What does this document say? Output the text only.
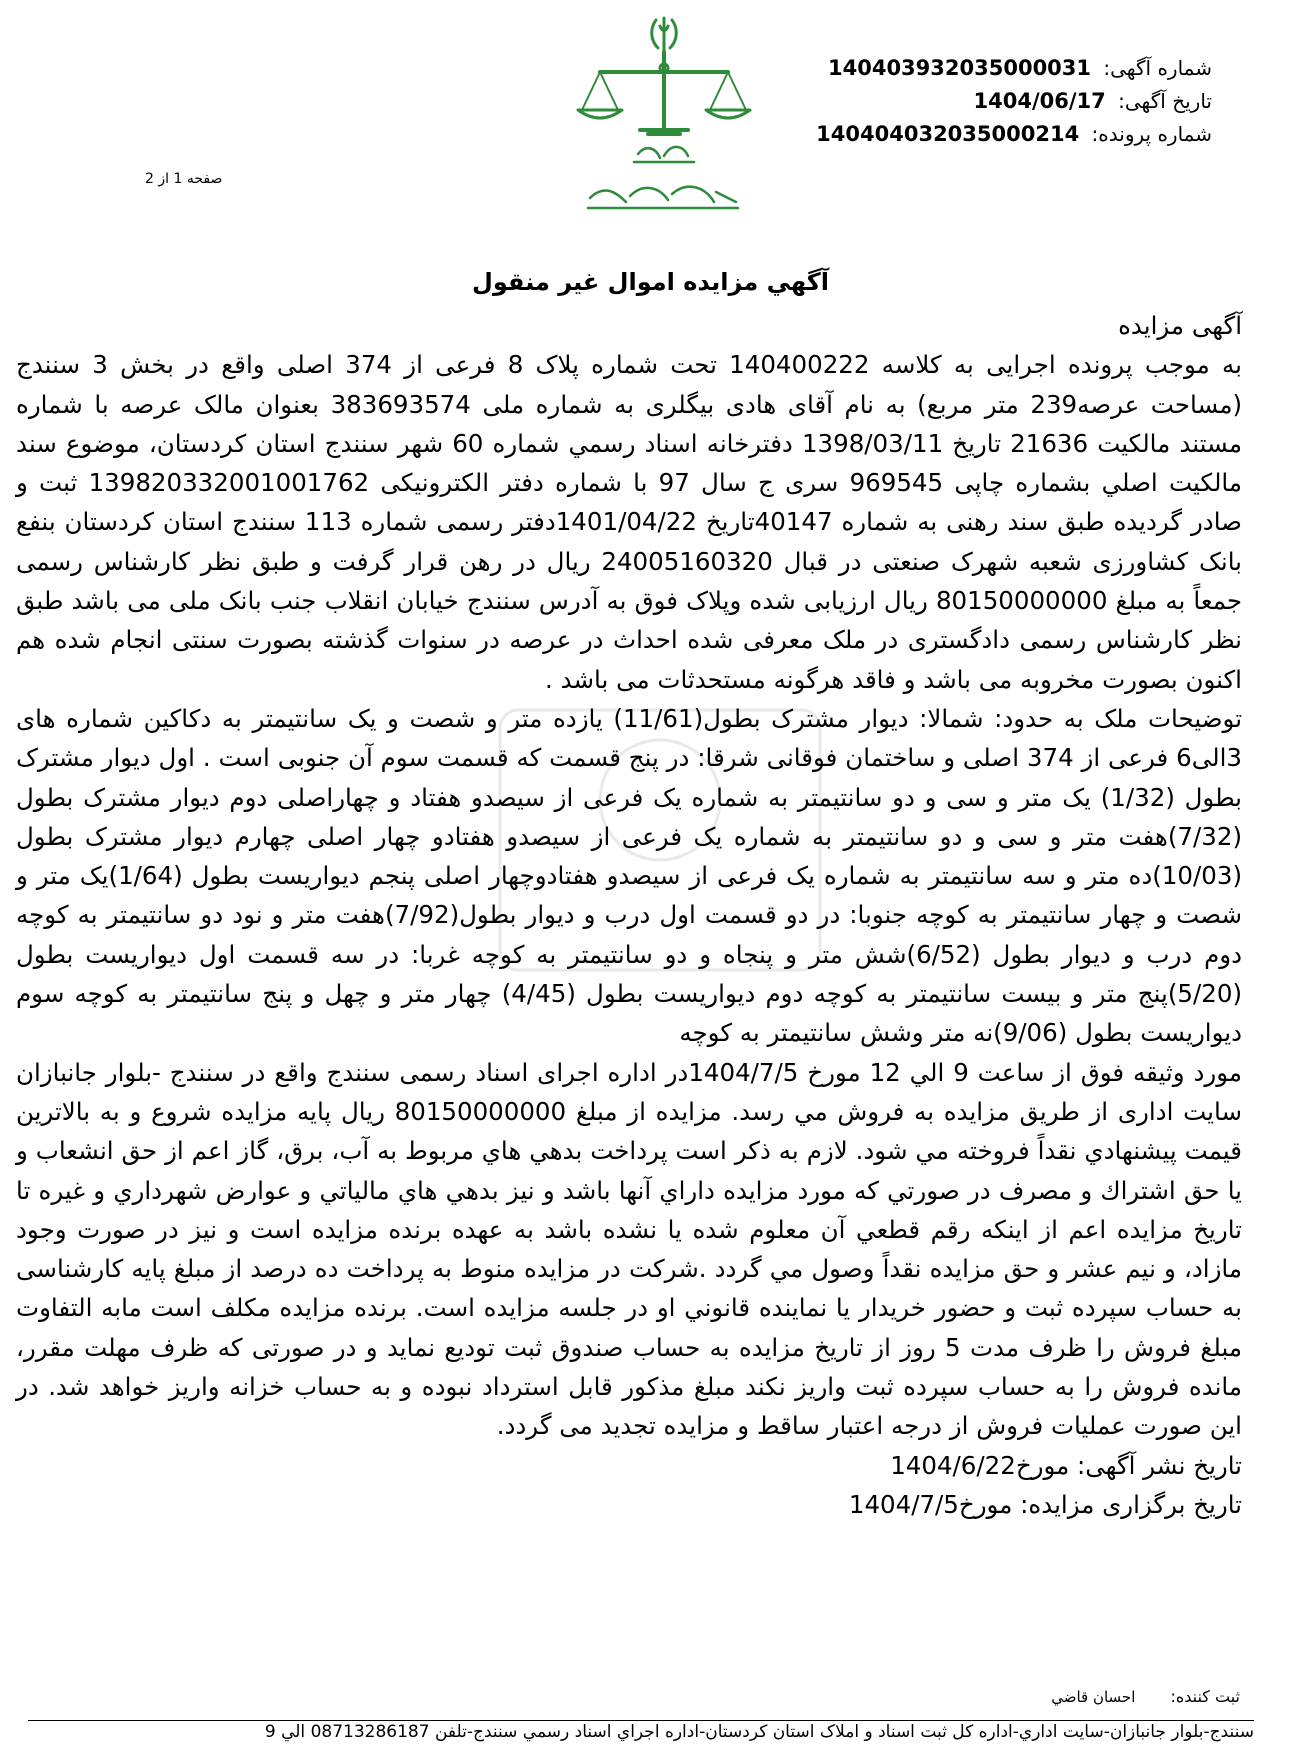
شماره آگهی: 140403932035000031
تاریخ آگهی: 1404/06/17
شماره پرونده: 140404032035000214
صفحه 1 از 2
آگهي مزايده اموال غير منقول

آگهی مزایده

به موجب پرونده اجرایی به کلاسه 140400222 تحت شماره پلاک 8 فرعی از 374 اصلی واقع در بخش 3 سنندج (مساحت عرصه239 متر مربع) به نام آقای هادی بیگلری به شماره ملی 383693574 بعنوان مالک عرصه با شماره مستند مالکیت 21636 تاریخ 1398/03/11 دفترخانه اسناد رسمي شماره 60 شهر سنندج استان کردستان، موضوع سند مالکیت اصلي بشماره چاپی 969545 سری ج سال 97 با شماره دفتر الکترونیکی 139820332001001762 ثبت و صادر گردیده طبق سند رهنی به شماره 40147تاریخ 1401/04/22دفتر رسمی شماره 113 سنندج استان کردستان بنفع بانک کشاورزی شعبه شهرک صنعتی در قبال 24005160320 ریال در رهن قرار گرفت و طبق نظر کارشناس رسمی جمعاً به مبلغ 80150000000 ریال ارزیابی شده وپلاک فوق به آدرس سنندج خیابان انقلاب جنب بانک ملی می باشد طبق نظر کارشناس رسمی دادگستری در ملک معرفی شده احداث در عرصه در سنوات گذشته بصورت سنتی انجام شده هم اکنون بصورت مخروبه می باشد و فاقد هرگونه مستحدثات می باشد .

توضیحات ملک به حدود: شمالا: دیوار مشترک بطول(11/61) یازده متر و شصت و یک سانتیمتر به دکاکین شماره های 3الی6 فرعی از 374 اصلی و ساختمان فوقانی شرقا: در پنج قسمت که قسمت سوم آن جنوبی است . اول دیوار مشترک بطول (1/32) یک متر و سی و دو سانتیمتر به شماره یک فرعی از سیصدو هفتاد و چهاراصلی دوم دیوار مشترک بطول (7/32)هفت متر و سی و دو سانتیمتر به شماره یک فرعی از سیصدو هفتادو چهار اصلی چهارم دیوار مشترک بطول (10/03)ده متر و سه سانتیمتر به شماره یک فرعی از سیصدو هفتادوچهار اصلی پنجم دیواریست بطول (1/64)یک متر و شصت و چهار سانتیمتر به کوچه جنوبا: در دو قسمت اول درب و دیوار بطول(7/92)هفت متر و نود دو سانتیمتر به کوچه دوم درب و دیوار بطول (6/52)شش متر و پنجاه و دو سانتیمتر به کوچه غربا: در سه قسمت اول دیواریست بطول (5/20)پنج متر و بیست سانتیمتر به کوچه دوم دیواریست بطول (4/45) چهار متر و چهل و پنج سانتیمتر به کوچه سوم دیواریست بطول (9/06)نه متر وشش سانتیمتر به کوچه

مورد وثیقه فوق از ساعت 9 الي 12 مورخ 1404/7/5در اداره اجرای اسناد رسمی سنندج واقع در سنندج -بلوار جانبازان سایت اداری از طريق مزايده به فروش مي رسد. مزايده از مبلغ 80150000000 ريال پايه مزايده شروع و به بالاترين قيمت پيشنهادي نقداً فروخته مي شود. لازم به ذکر است پرداخت بدهي هاي مربوط به آب، برق، گاز اعم از حق انشعاب و يا حق اشتراك و مصرف در صورتي که مورد مزايده داراي آنها باشد و نيز بدهي هاي مالياتي و عوارض شهرداري و غيره تا تاريخ مزايده اعم از اينکه رقم قطعي آن معلوم شده يا نشده باشد به عهده برنده مزايده است و نيز در صورت وجود مازاد، و نيم عشر و حق مزايده نقداً وصول مي گردد .شرکت در مزايده منوط به پرداخت ده درصد از مبلغ پایه کارشناسی به حساب سپرده ثبت و حضور خريدار يا نماينده قانوني او در جلسه مزايده است. برنده مزايده مکلف است مابه التفاوت مبلغ فروش را ظرف مدت 5 روز از تاريخ مزايده به حساب صندوق ثبت توديع نمايد و در صورتی که ظرف مهلت مقرر، مانده فروش را به حساب سپرده ثبت واريز نکند مبلغ مذکور قابل استرداد نبوده و به حساب خزانه واريز خواهد شد. در اين صورت عمليات فروش از درجه اعتبار ساقط و مزايده تجديد می گردد.

تاریخ نشر آگهی: مورخ1404/6/22

تاریخ برگزاری مزایده: مورخ1404/7/5

ثبت کننده: احسان قاضي
سنندج-بلوار جانبازان-سایت اداري-اداره کل ثبت اسناد و املاک استان کردستان-اداره اجراي اسناد رسمي سنندج-تلفن 08713286187 الي 9
